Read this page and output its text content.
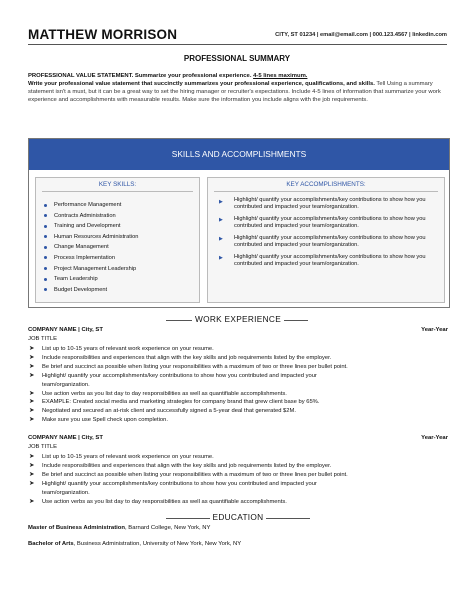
MATTHEW MORRISON	CITY, ST 01234 | email@email.com | 000.123.4567 | linkedin.com
PROFESSIONAL SUMMARY
PROFESSIONAL VALUE STATEMENT. Summarize your professional experience. 4-5 lines maximum.
Write your professional value statement that succinctly summarizes your professional experience, qualifications, and skills. Tell Using a summary statement isn't a must, but it can be a great way to set the hiring manager or recruiter's expectations. Include 4-5 lines of information that summarize your work experience and accomplishments with measurable results. Make sure the information you include aligns with the job requirements.
SKILLS AND ACCOMPLISHMENTS
KEY SKILLS:
Performance Management
Contracts Administration
Training and Development
Human Resources Administration
Change Management
Process Implementation
Project Management Leadership
Team Leadership
Budget Development
KEY ACCOMPLISHMENTS:
▶ Highlight/ quantify your accomplishments/key contributions to show how you contributed and impacted your team/organization.
▶ Highlight/ quantify your accomplishments/key contributions to show how you contributed and impacted your team/organization.
▶ Highlight/ quantify your accomplishments/key contributions to show how you contributed and impacted your team/organization.
▶ Highlight/ quantify your accomplishments/key contributions to show how you contributed and impacted your team/organization.
WORK EXPERIENCE
COMPANY NAME | City, ST	Year-Year
JOB TITLE
➤ List up to 10-15 years of relevant work experience on your resume.
➤ Include responsibilities and experiences that align with the key skills and job requirements listed by the employer.
➤ Be brief and succinct as possible when listing your responsibilities with a maximum of two or three lines per bullet point.
➤ Highlight/ quantify your accomplishments/key contributions to show how you contributed and impacted your
team/organization.
➤ Use action verbs as you list day to day responsibilities as well as quantifiable accomplishments.
➤ EXAMPLE: Created social media and marketing strategies for company brand that grew client base by 65%.
➤ Negotiated and secured an at-risk client and successfully signed a 5-year deal that generated $2M.
➤ Make sure you use Spell check upon completion.
COMPANY NAME | City, ST	Year-Year
JOB TITLE
➤ List up to 10-15 years of relevant work experience on your resume.
➤ Include responsibilities and experiences that align with the key skills and job requirements listed by the employer.
➤ Be brief and succinct as possible when listing your responsibilities with a maximum of two or three lines per bullet point.
➤ Highlight/ quantify your accomplishments/key contributions to show how you contributed and impacted your
team/organization.
➤ Use action verbs as you list day to day responsibilities as well as quantifiable accomplishments.
EDUCATION
Master of Business Administration, Barnard College, New York, NY
Bachelor of Arts, Business Administration, University of New York, New York, NY
